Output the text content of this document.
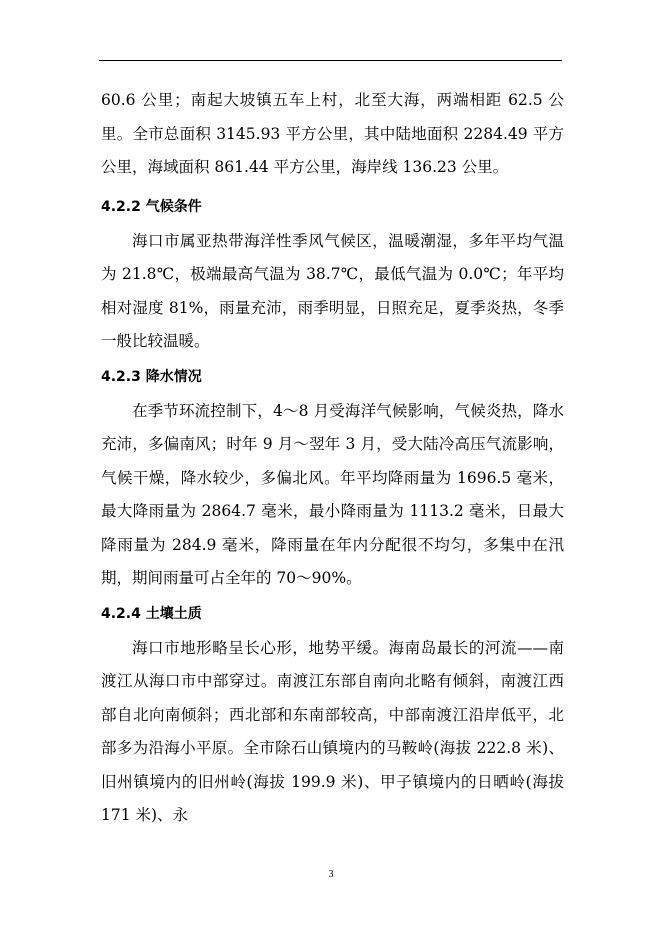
60.6 公里；南起大坡镇五车上村，北至大海，两端相距 62.5 公里。全市总面积 3145.93 平方公里，其中陆地面积 2284.49 平方公里，海域面积 861.44 平方公里，海岸线 136.23 公里。

4.2.2 气候条件

海口市属亚热带海洋性季风气候区，温暖潮湿，多年平均气温为 21.8℃，极端最高气温为 38.7℃，最低气温为 0.0℃；年平均相对湿度 81%，雨量充沛，雨季明显，日照充足，夏季炎热，冬季一般比较温暖。

4.2.3 降水情况

在季节环流控制下，4～8 月受海洋气候影响，气候炎热，降水充沛，多偏南风；时年 9 月～翌年 3 月，受大陆冷高压气流影响，气候干燥，降水较少，多偏北风。年平均降雨量为 1696.5 毫米，最大降雨量为 2864.7 毫米，最小降雨量为 1113.2 毫米，日最大降雨量为 284.9 毫米，降雨量在年内分配很不均匀，多集中在汛期，期间雨量可占全年的 70～90%。

4.2.4 土壤土质

海口市地形略呈长心形，地势平缓。海南岛最长的河流——南渡江从海口市中部穿过。南渡江东部自南向北略有倾斜，南渡江西部自北向南倾斜；西北部和东南部较高，中部南渡江沿岸低平，北部多为沿海小平原。全市除石山镇境内的马鞍岭(海拔 222.8 米)、旧州镇境内的旧州岭(海拔 199.9 米)、甲子镇境内的日晒岭(海拔 171 米)、永

3
